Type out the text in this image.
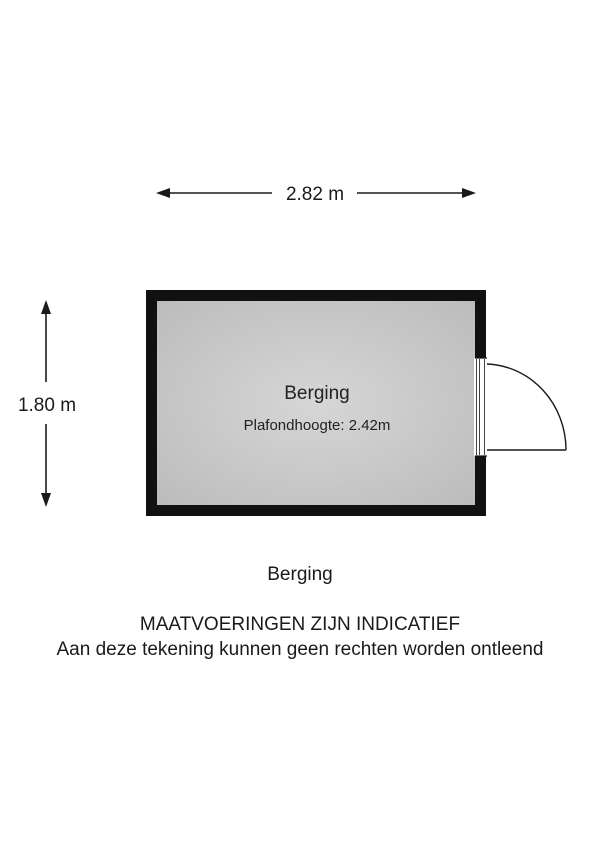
2.82 m
1.80 m
Berging
Plafondhoogte: 2.42m
Berging
MAATVOERINGEN ZIJN INDICATIEF
Aan deze tekening kunnen geen rechten worden ontleend
